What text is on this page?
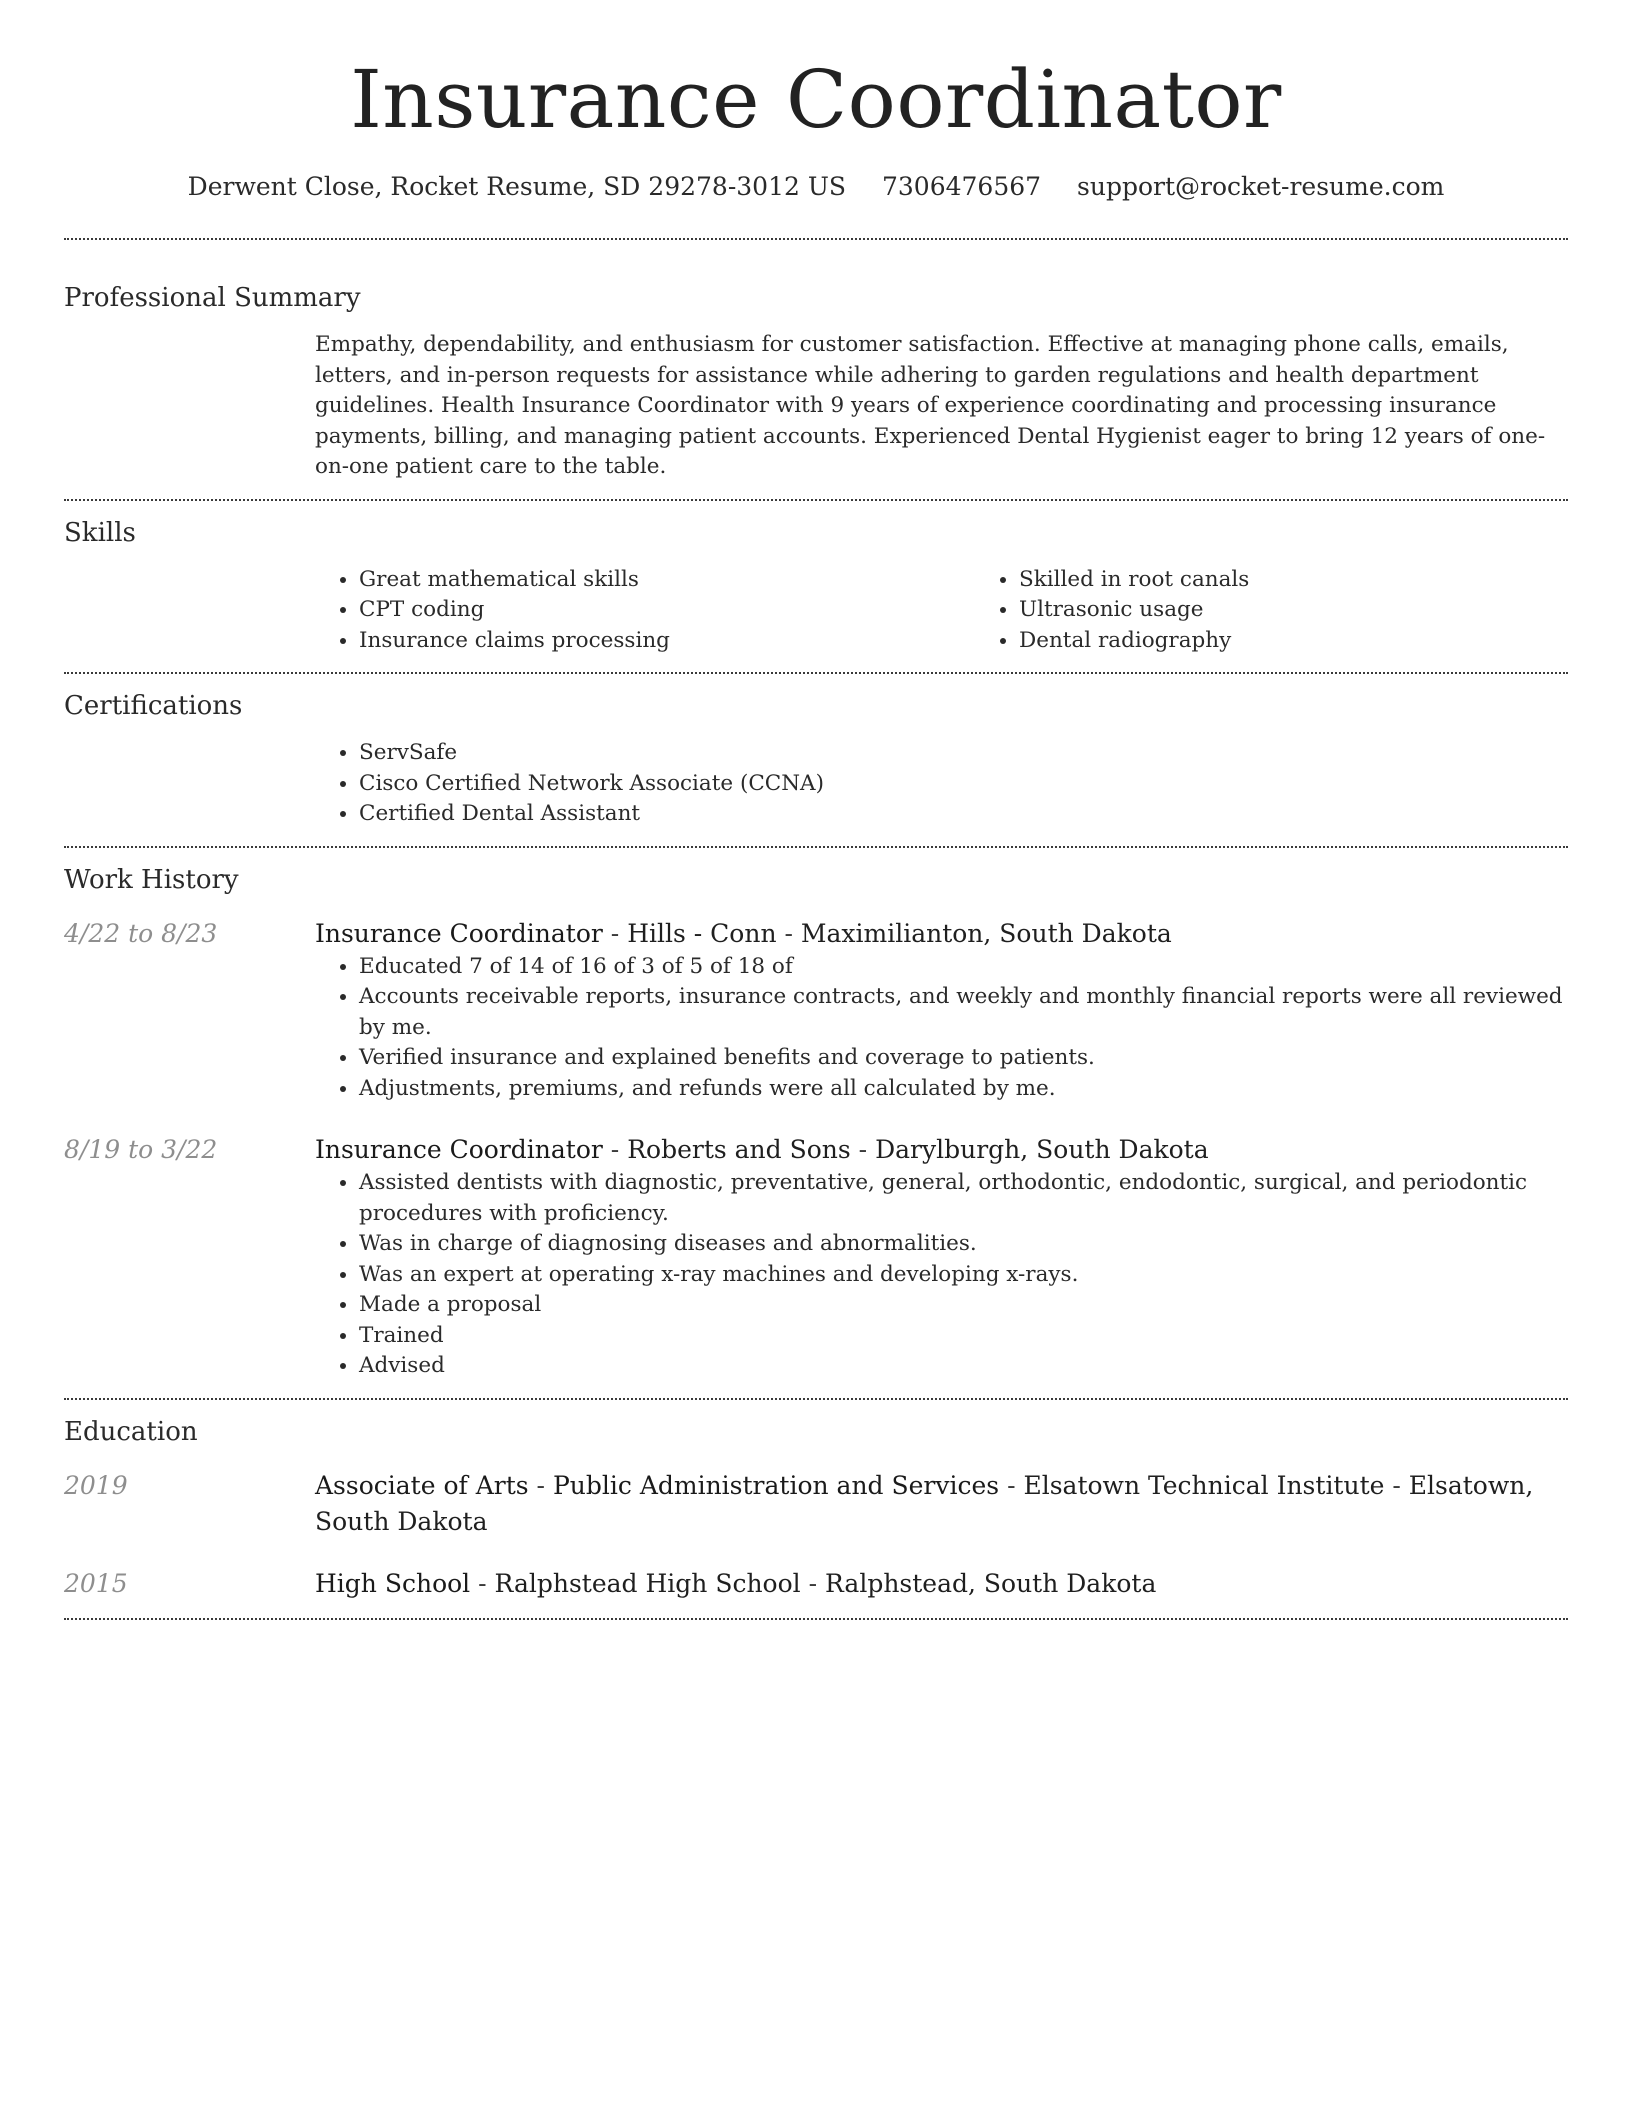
Insurance Coordinator
Derwent Close, Rocket Resume, SD 29278-3012 US 7306476567 support@rocket-resume.com
Professional Summary

Empathy, dependability, and enthusiasm for customer satisfaction. Effective at managing phone calls, emails, letters, and in-person requests for assistance while adhering to garden regulations and health department guidelines. Health Insurance Coordinator with 9 years of experience coordinating and processing insurance payments, billing, and managing patient accounts. Experienced Dental Hygienist eager to bring 12 years of one-on-one patient care to the table.

Skills
• Great mathematical skills
• CPT coding
• Insurance claims processing
• Skilled in root canals
• Ultrasonic usage
• Dental radiography
Certifications
• ServSafe
• Cisco Certified Network Associate (CCNA)
• Certified Dental Assistant
Work History
4/22 to 8/23	Insurance Coordinator - Hills - Conn - Maximilianton, South Dakota
• Educated 7 of 14 of 16 of 3 of 5 of 18 of
• Accounts receivable reports, insurance contracts, and weekly and monthly financial reports were all reviewed by me.
• Verified insurance and explained benefits and coverage to patients.
• Adjustments, premiums, and refunds were all calculated by me.
8/19 to 3/22	Insurance Coordinator - Roberts and Sons - Darylburgh, South Dakota
• Assisted dentists with diagnostic, preventative, general, orthodontic, endodontic, surgical, and periodontic procedures with proficiency.
• Was in charge of diagnosing diseases and abnormalities.
• Was an expert at operating x-ray machines and developing x-rays.
• Made a proposal
• Trained
• Advised
Education
2019	Associate of Arts - Public Administration and Services - Elsatown Technical Institute - Elsatown, South Dakota
2015	High School - Ralphstead High School - Ralphstead, South Dakota
